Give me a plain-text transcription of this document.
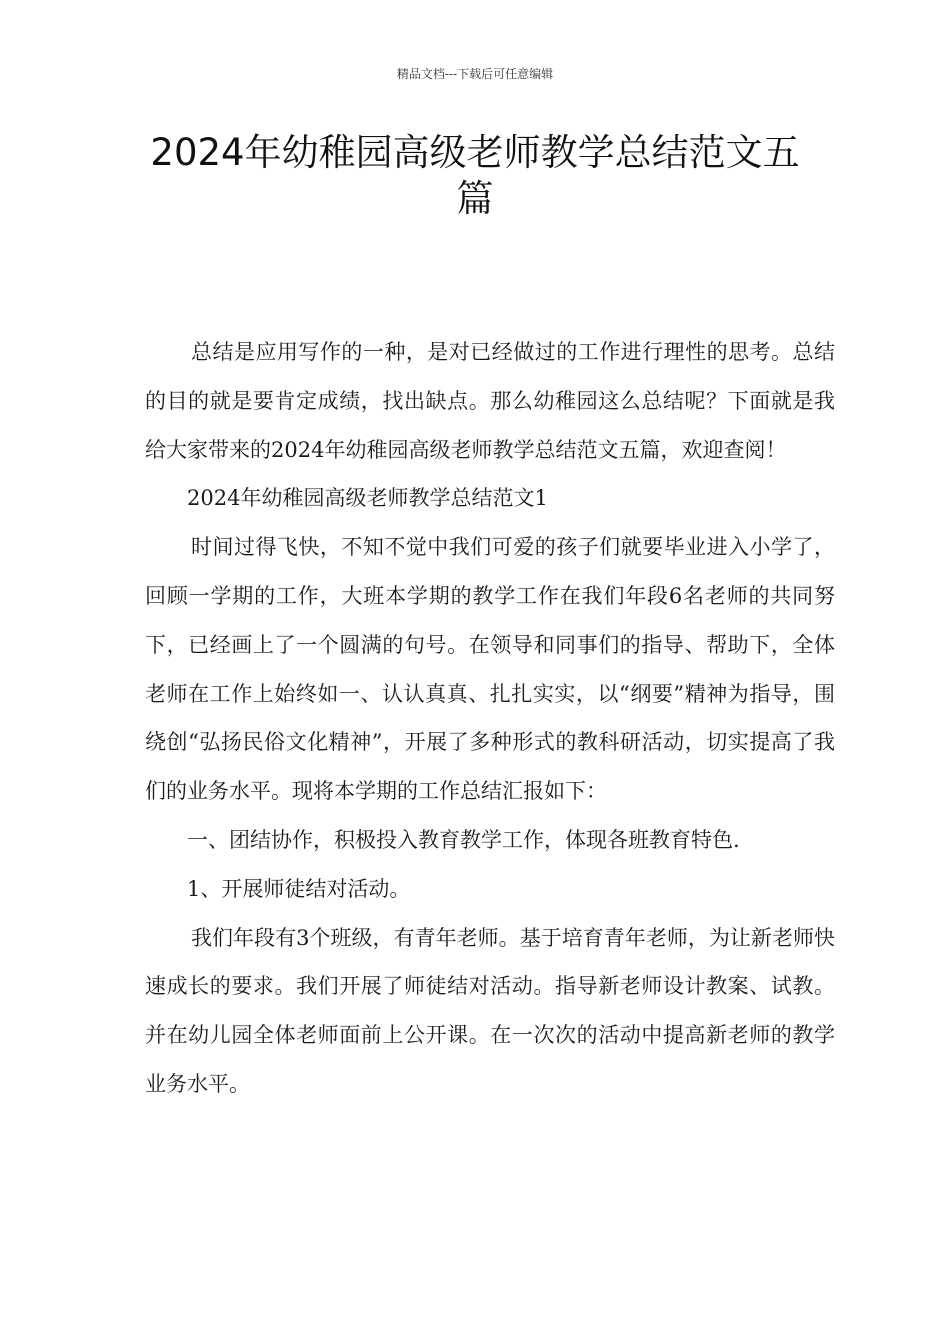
精品文档---下载后可任意编辑
2024年幼稚园高级老师教学总结范文五篇

总结是应用写作的一种，是对已经做过的工作进行理性的思考。总结的目的就是要肯定成绩，找出缺点。那么幼稚园这么总结呢？下面就是我给大家带来的2024年幼稚园高级老师教学总结范文五篇，欢迎查阅！

2024年幼稚园高级老师教学总结范文1

时间过得飞快，不知不觉中我们可爱的孩子们就要毕业进入小学了，回顾一学期的工作，大班本学期的教学工作在我们年段6名老师的共同努下，已经画上了一个圆满的句号。在领导和同事们的指导、帮助下，全体老师在工作上始终如一、认认真真、扎扎实实，以“纲要”精神为指导，围绕创“弘扬民俗文化精神”，开展了多种形式的教科研活动，切实提高了我们的业务水平。现将本学期的工作总结汇报如下：

一、团结协作，积极投入教育教学工作，体现各班教育特色.

1、开展师徒结对活动。

我们年段有3个班级，有青年老师。基于培育青年老师，为让新老师快速成长的要求。我们开展了师徒结对活动。指导新老师设计教案、试教。并在幼儿园全体老师面前上公开课。在一次次的活动中提高新老师的教学业务水平。
